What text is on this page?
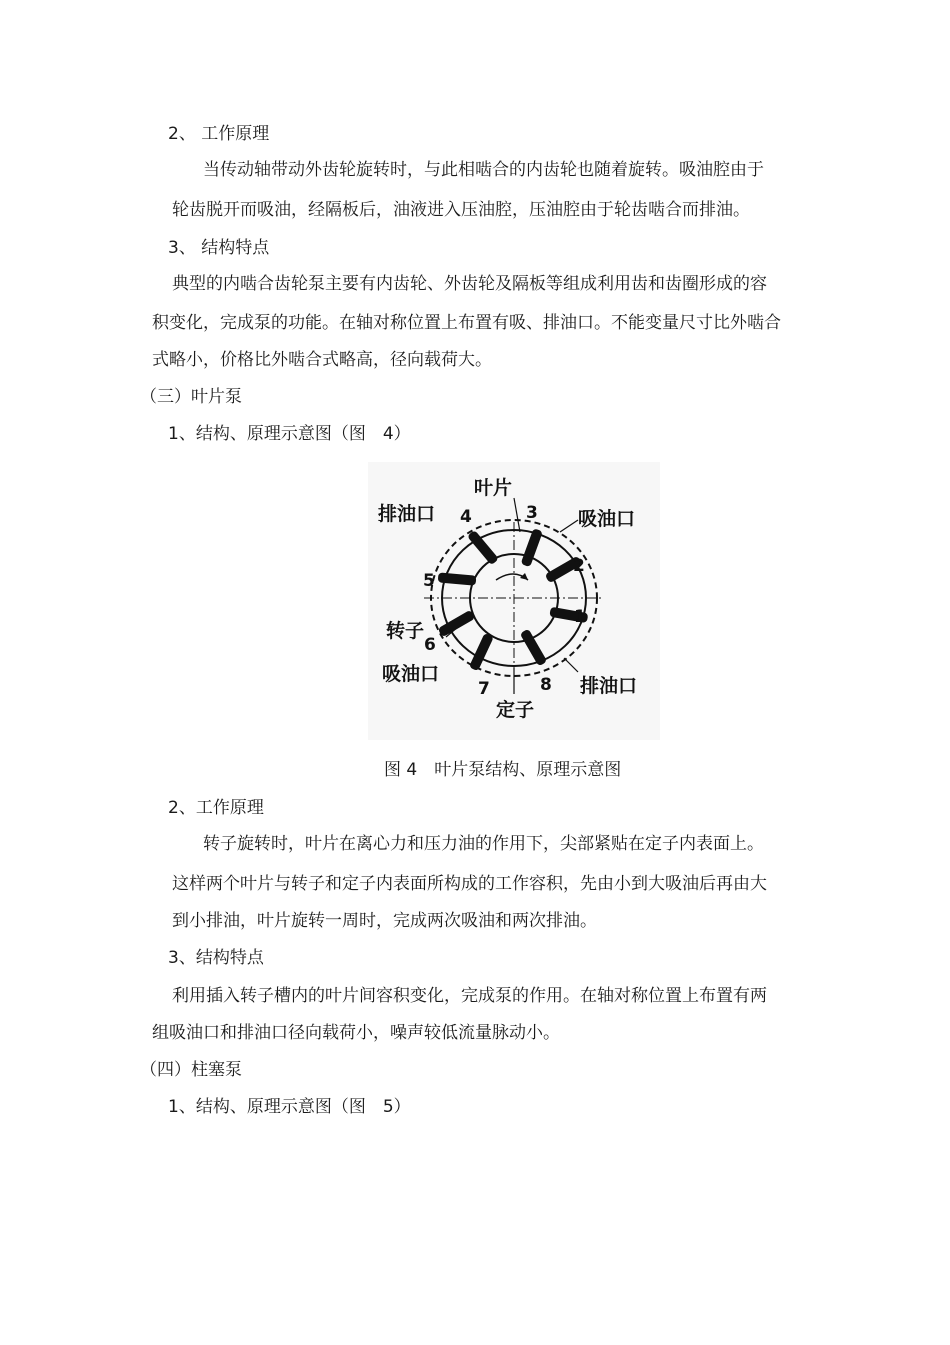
2、 工作原理
当传动轴带动外齿轮旋转时，与此相啮合的内齿轮也随着旋转。吸油腔由于
轮齿脱开而吸油，经隔板后，油液进入压油腔，压油腔由于轮齿啮合而排油。
3、 结构特点
典型的内啮合齿轮泵主要有内齿轮、外齿轮及隔板等组成利用齿和齿圈形成的容
积变化，完成泵的功能。在轴对称位置上布置有吸、排油口。不能变量尺寸比外啮合
式略小，价格比外啮合式略高，径向载荷大。
（三）叶片泵
1、结构、原理示意图（图　4）
叶片
排油口	吸油口
转子
吸油口
排油口
定子
1
2
3
4
5
6
7	8
图 4　叶片泵结构、原理示意图
2、工作原理
转子旋转时，叶片在离心力和压力油的作用下，尖部紧贴在定子内表面上。
这样两个叶片与转子和定子内表面所构成的工作容积，先由小到大吸油后再由大
到小排油，叶片旋转一周时，完成两次吸油和两次排油。
3、结构特点
利用插入转子槽内的叶片间容积变化，完成泵的作用。在轴对称位置上布置有两
组吸油口和排油口径向载荷小，噪声较低流量脉动小。
（四）柱塞泵
1、结构、原理示意图（图　5）
